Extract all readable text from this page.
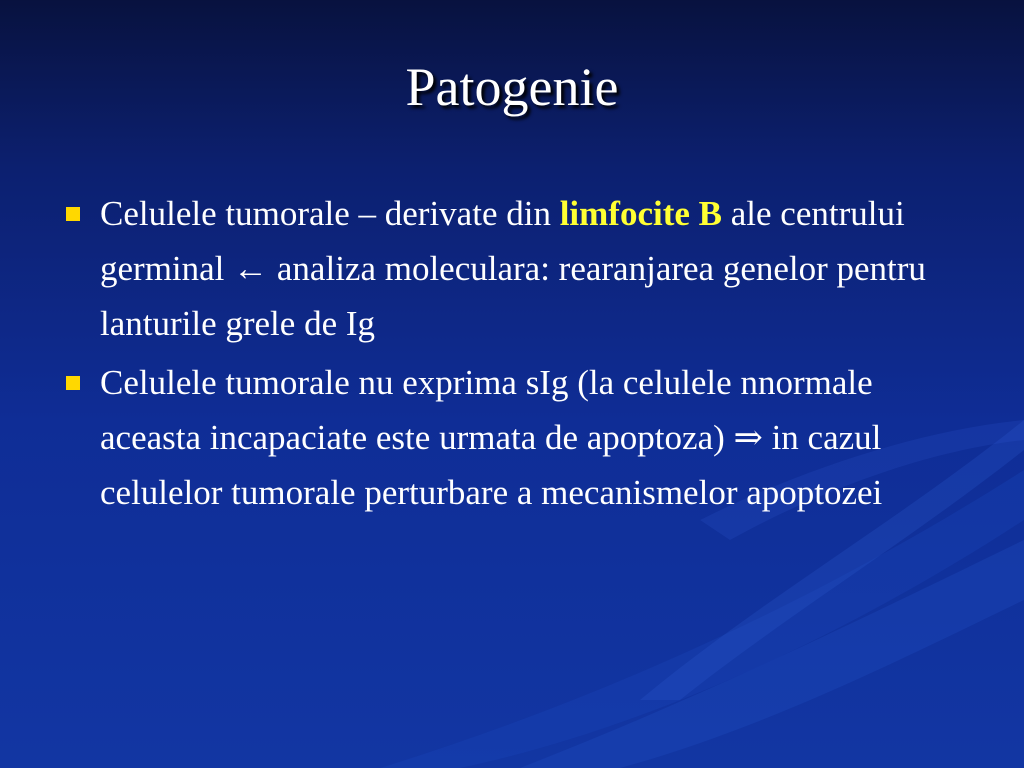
Patogenie
Celulele tumorale – derivate din limfocite B ale centrului germinal ← analiza moleculara: rearanjarea genelor pentru lanturile grele de Ig
Celulele tumorale nu exprima sIg (la celulele nnormale aceasta incapaciate este urmata de apoptoza) ⇒ in cazul celulelor tumorale perturbare a mecanismelor apoptozei
